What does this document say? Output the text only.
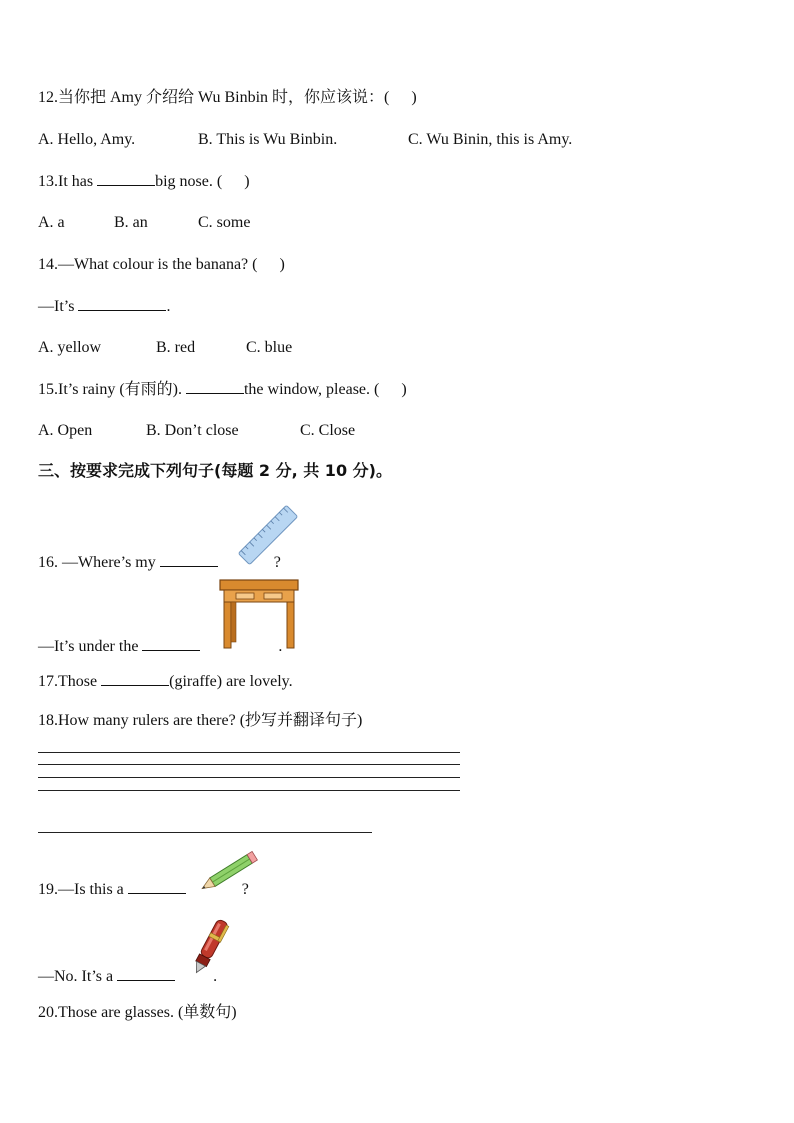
12.当你把 Amy 介绍给 Wu Binbin 时，你应该说：( )
A. Hello, Amy.	B. This is Wu Binbin.	C. Wu Binin, this is Amy.
13.It has	big nose. ( )
A. a	B. an	C. some
14.—What colour is the banana? ( )
—It’s	.
A. yellow	B. red	C. blue
15.It’s rainy (有雨的).	the window, please. ( )
A. Open	B. Don’t close	C. Close
三、按要求完成下列句子(每题 2 分, 共 10 分)。
16. —Where’s my	?
—It’s under the	.
17.Those	(giraffe) are lovely.
18.How many rulers are there? (抄写并翻译句子)
19.—Is this a	?
—No. It’s a	.
20.Those are glasses. (单数句)
